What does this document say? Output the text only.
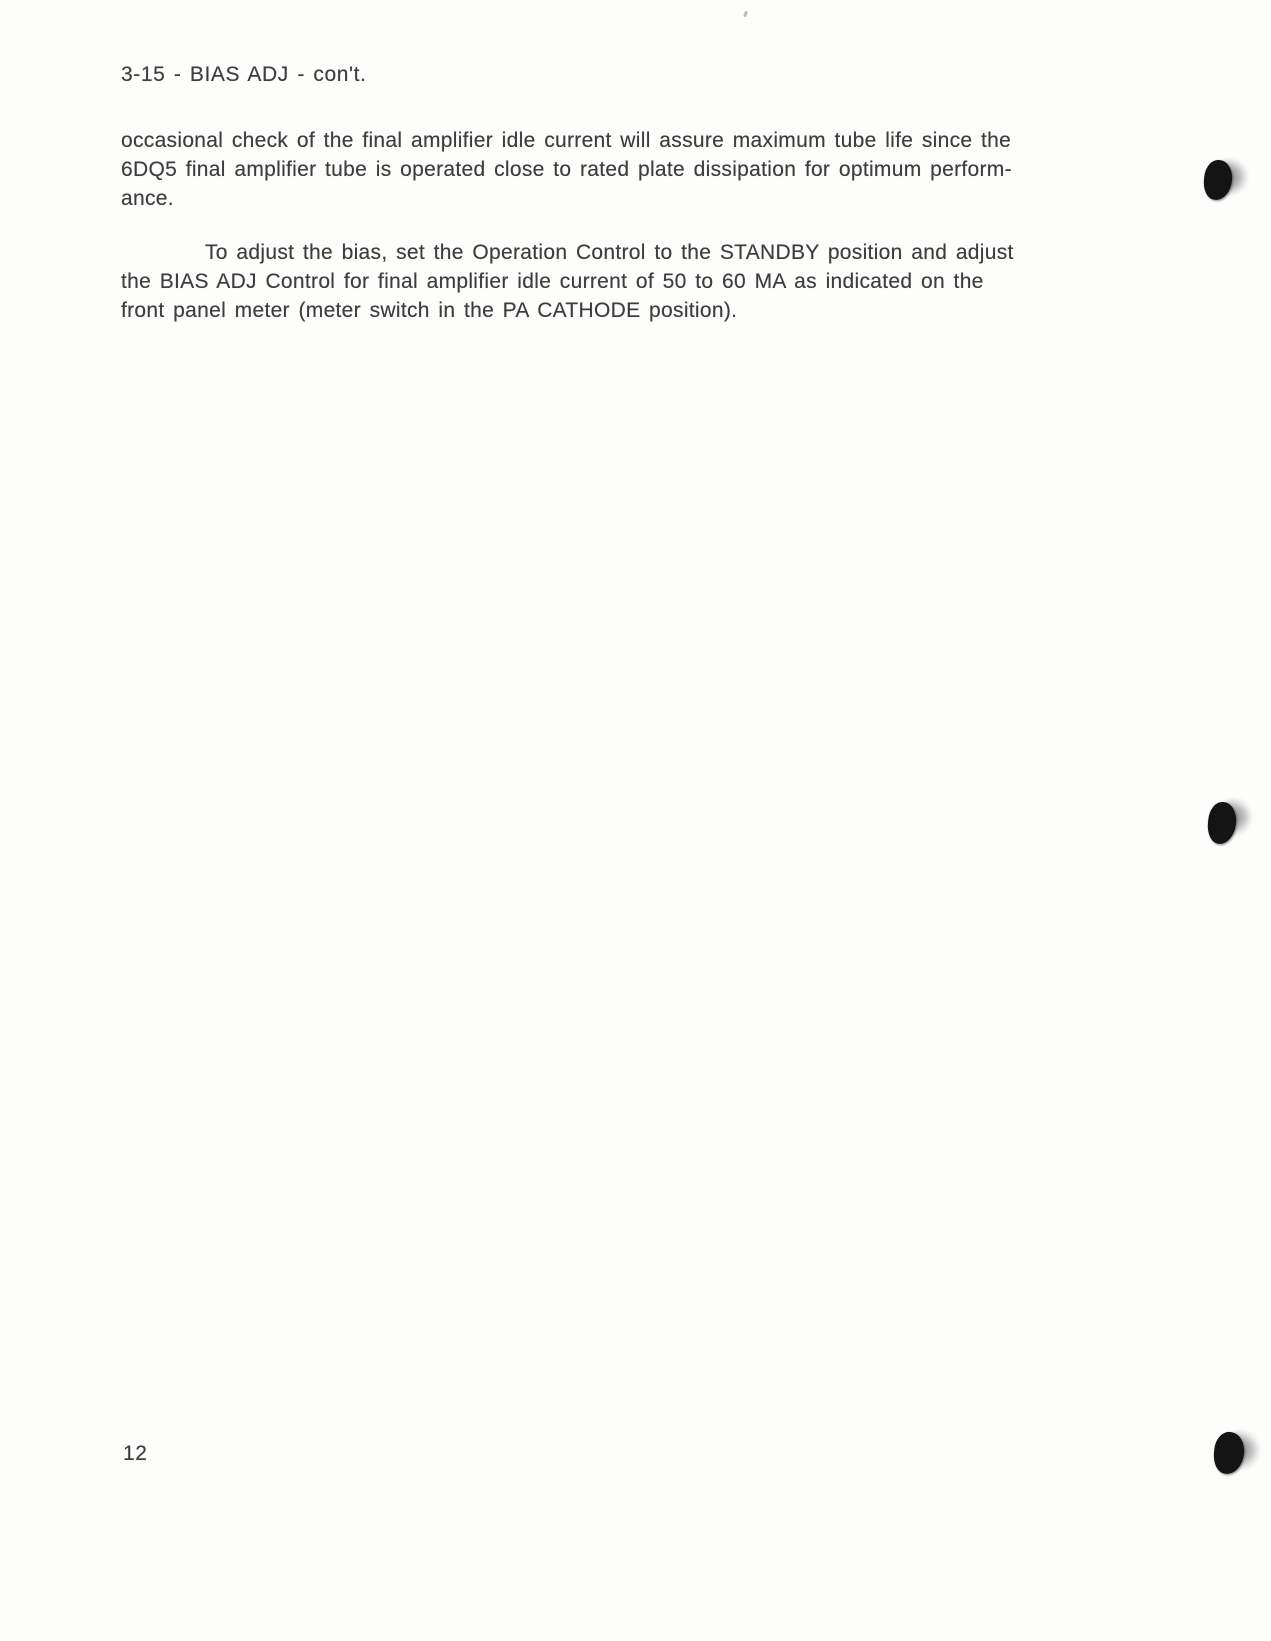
3-15 - BIAS ADJ - con't.
occasional check of the final amplifier idle current will assure maximum tube life since the
6DQ5 final amplifier tube is operated close to rated plate dissipation for optimum perform-
ance.
To adjust the bias, set the Operation Control to the STANDBY position and adjust
the BIAS ADJ Control for final amplifier idle current of 50 to 60 MA as indicated on the
front panel meter (meter switch in the PA CATHODE position).
12
